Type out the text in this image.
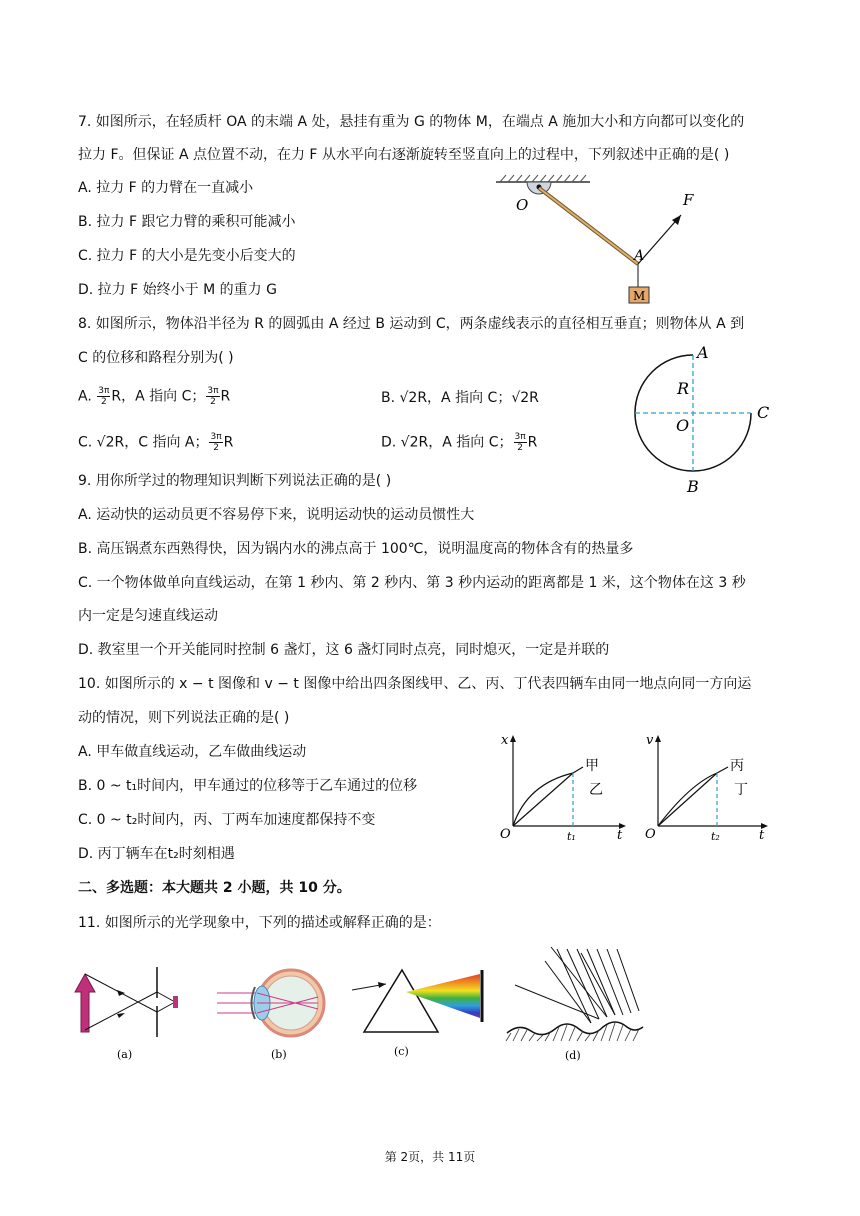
7. 如图所示，在轻质杆 OA 的末端 A 处，悬挂有重为 G 的物体 M，在端点 A 施加大小和方向都可以变化的
拉力 F。但保证 A 点位置不动，在力 F 从水平向右逐渐旋转至竖直向上的过程中，下列叙述中正确的是( )
A. 拉力 F 的力臂在一直减小
B. 拉力 F 跟它力臂的乘积可能减小
C. 拉力 F 的大小是先变小后变大的
D. 拉力 F 始终小于 M 的重力 G
O
A
F
M
8. 如图所示，物体沿半径为 R 的圆弧由 A 经过 B 运动到 C，两条虚线表示的直径相互垂直；则物体从 A 到
C 的位移和路程分别为( )
A. $\frac{3\pi}{2}$ R，A 指向 C； $\frac{3\pi}{2}$ R	B. √2R，A 指向 C；√2R
C. √2R，C 指向 A； $\frac{3\pi}{2}$ R	D. √2R，A 指向 C； $\frac{3\pi}{2}$ R
A
R
O
C
B
9. 用你所学过的物理知识判断下列说法正确的是( )
A. 运动快的运动员更不容易停下来，说明运动快的运动员惯性大
B. 高压锅煮东西熟得快，因为锅内水的沸点高于 100℃，说明温度高的物体含有的热量多
C. 一个物体做单向直线运动，在第 1 秒内、第 2 秒内、第 3 秒内运动的距离都是 1 米，这个物体在这 3 秒
内一定是匀速直线运动
D. 教室里一个开关能同时控制 6 盏灯，这 6 盏灯同时点亮，同时熄灭，一定是并联的
10. 如图所示的 x − t 图像和 v − t 图像中给出四条图线甲、乙、丙、丁代表四辆车由同一地点向同一方向运
动的情况，则下列说法正确的是( )
A. 甲车做直线运动，乙车做曲线运动
B. 0 ~ t₁时间内，甲车通过的位移等于乙车通过的位移
C. 0 ~ t₂时间内，丙、丁两车加速度都保持不变
D. 丙丁辆车在t₂时刻相遇
x
t
O	t₁
甲
乙
v
t
O	t₂
丙
丁
二、多选题：本大题共 2 小题，共 10 分。
11. 如图所示的光学现象中，下列的描述或解释正确的是：
(a)	(b)	(c)	(d)
第 2页，共 11页
